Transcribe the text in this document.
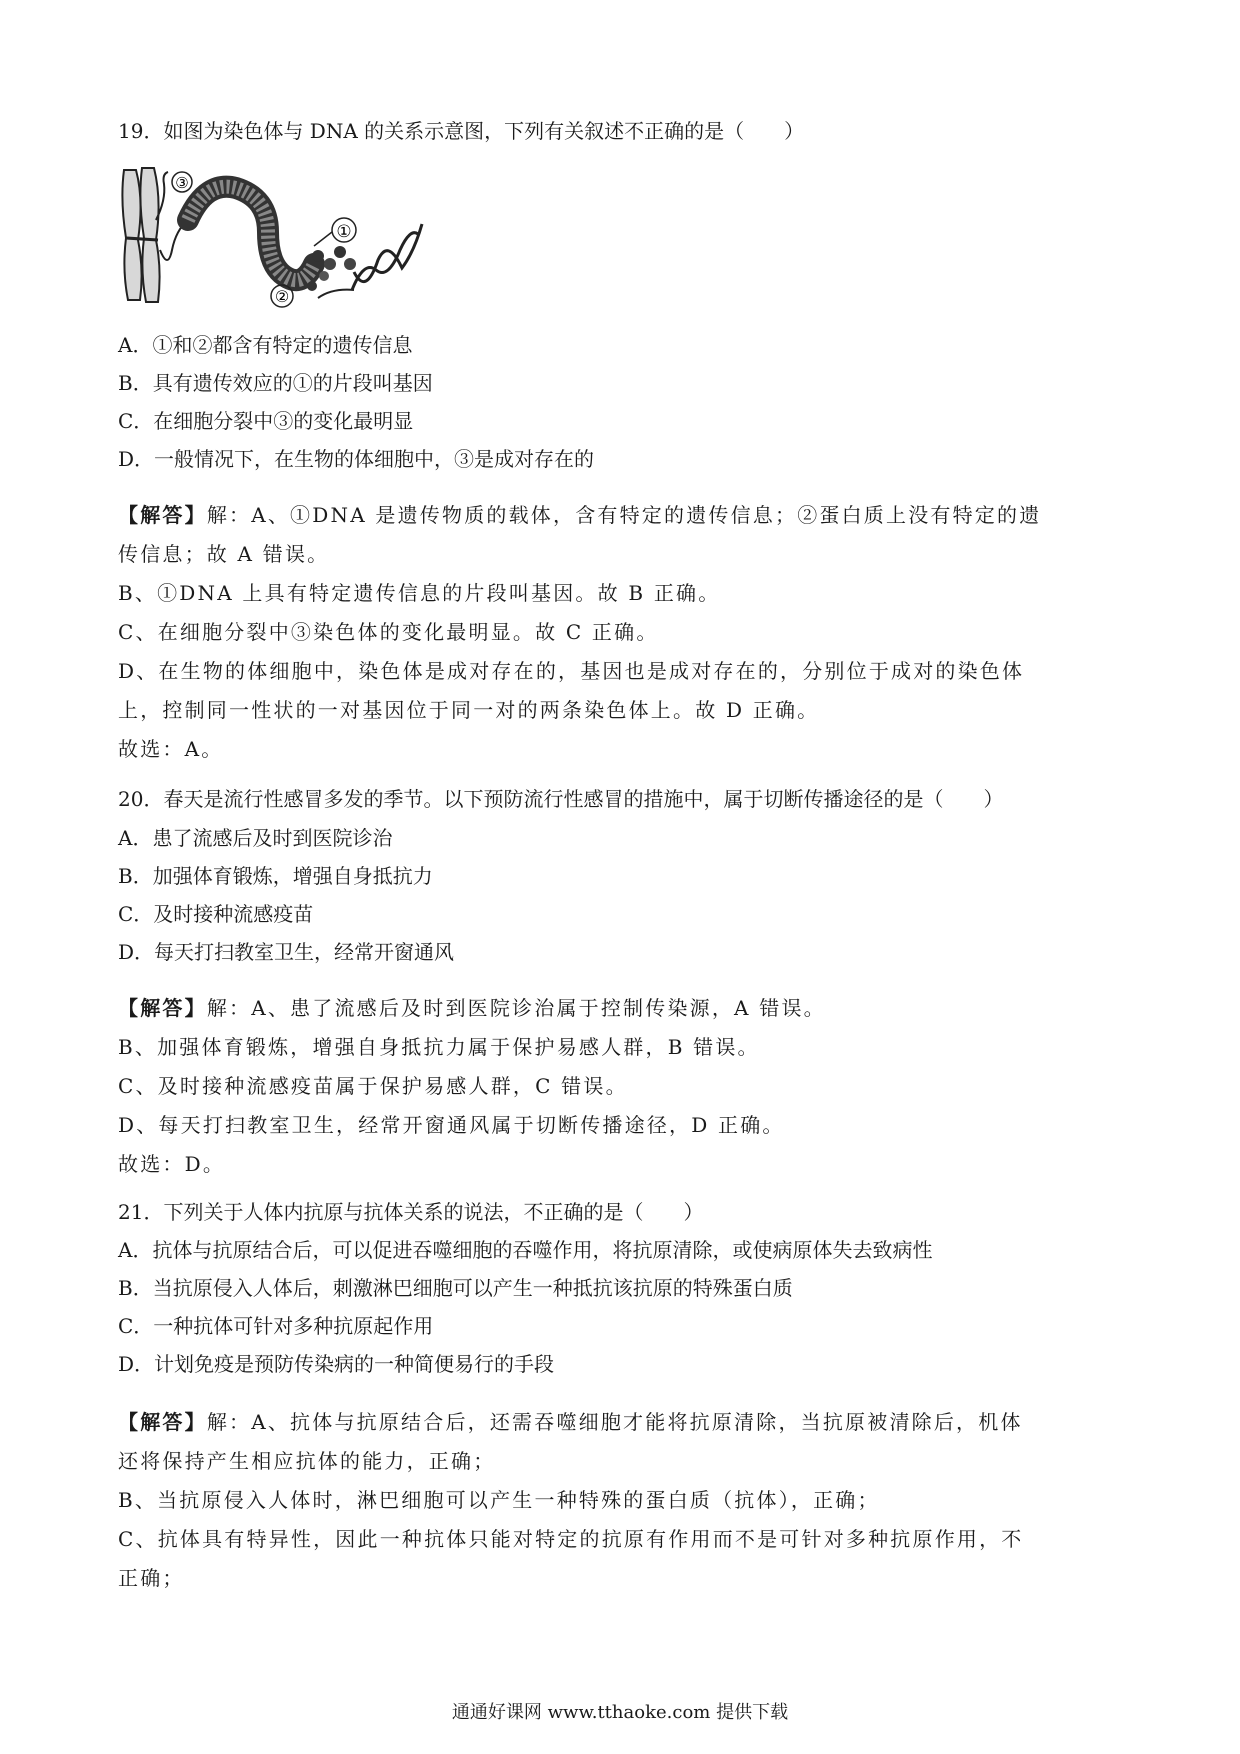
19．如图为染色体与 DNA 的关系示意图，下列有关叙述不正确的是（　　）
③
①
②
A．①和②都含有特定的遗传信息
B．具有遗传效应的①的片段叫基因
C．在细胞分裂中③的变化最明显
D．一般情况下，在生物的体细胞中，③是成对存在的
【解答】解：A、①DNA 是遗传物质的载体，含有特定的遗传信息；②蛋白质上没有特定的遗
传信息；故 A 错误。
B、①DNA 上具有特定遗传信息的片段叫基因。故 B 正确。
C、在细胞分裂中③染色体的变化最明显。故 C 正确。
D、在生物的体细胞中，染色体是成对存在的，基因也是成对存在的，分别位于成对的染色体
上，控制同一性状的一对基因位于同一对的两条染色体上。故 D 正确。
故选：A。
20．春天是流行性感冒多发的季节。以下预防流行性感冒的措施中，属于切断传播途径的是（　　）
A．患了流感后及时到医院诊治
B．加强体育锻炼，增强自身抵抗力
C．及时接种流感疫苗
D．每天打扫教室卫生，经常开窗通风
【解答】解：A、患了流感后及时到医院诊治属于控制传染源，A 错误。
B、加强体育锻炼，增强自身抵抗力属于保护易感人群，B 错误。
C、及时接种流感疫苗属于保护易感人群，C 错误。
D、每天打扫教室卫生，经常开窗通风属于切断传播途径，D 正确。
故选：D。
21．下列关于人体内抗原与抗体关系的说法，不正确的是（　　）
A．抗体与抗原结合后，可以促进吞噬细胞的吞噬作用，将抗原清除，或使病原体失去致病性
B．当抗原侵入人体后，刺激淋巴细胞可以产生一种抵抗该抗原的特殊蛋白质
C．一种抗体可针对多种抗原起作用
D．计划免疫是预防传染病的一种简便易行的手段
【解答】解：A、抗体与抗原结合后，还需吞噬细胞才能将抗原清除，当抗原被清除后，机体
还将保持产生相应抗体的能力，正确；
B、当抗原侵入人体时，淋巴细胞可以产生一种特殊的蛋白质（抗体），正确；
C、抗体具有特异性，因此一种抗体只能对特定的抗原有作用而不是可针对多种抗原作用，不
正确；
通通好课网 www.tthaoke.com 提供下载
